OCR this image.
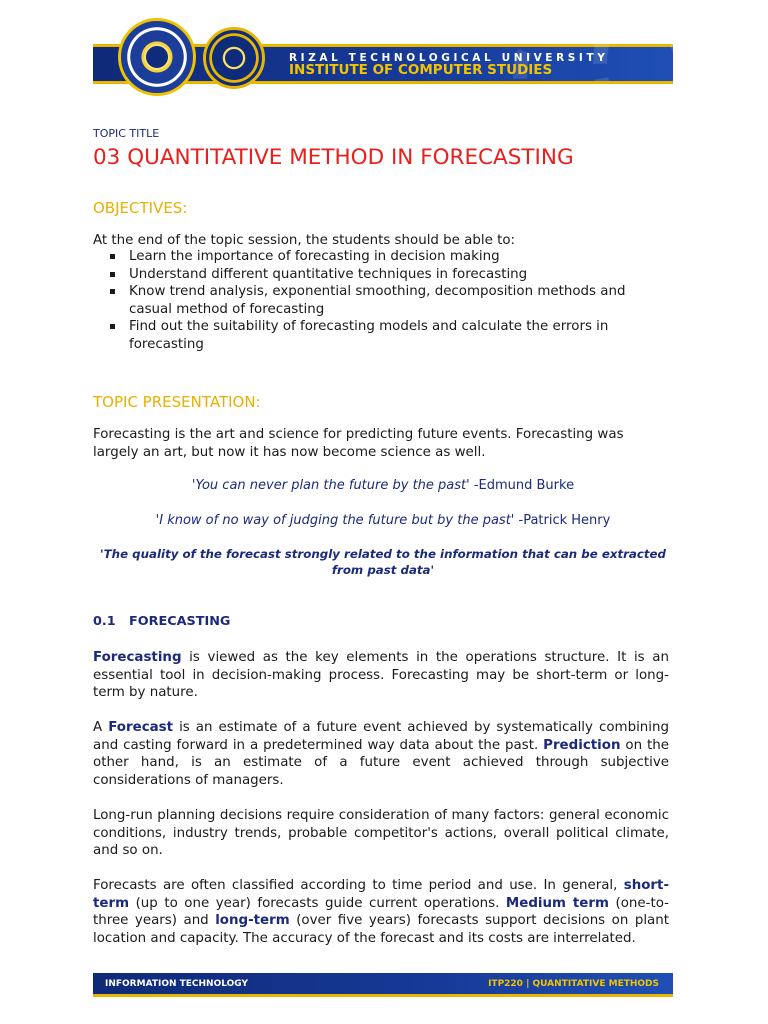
RIZAL TECHNOLOGICAL UNIVERSITY
INSTITUTE OF COMPUTER STUDIES
TOPIC TITLE
03 QUANTITATIVE METHOD IN FORECASTING
OBJECTIVES:
At the end of the topic session, the students should be able to:
Learn the importance of forecasting in decision making
Understand different quantitative techniques in forecasting
Know trend analysis, exponential smoothing, decomposition methods and casual method of forecasting
Find out the suitability of forecasting models and calculate the errors in forecasting
TOPIC PRESENTATION:
Forecasting is the art and science for predicting future events. Forecasting was largely an art, but now it has now become science as well.
'You can never plan the future by the past' -Edmund Burke
'I know of no way of judging the future but by the past' -Patrick Henry
'The quality of the forecast strongly related to the information that can be extracted from past data'
0.1 FORECASTING
Forecasting is viewed as the key elements in the operations structure. It is an essential tool in decision-making process. Forecasting may be short-term or long-term by nature.
A Forecast is an estimate of a future event achieved by systematically combining and casting forward in a predetermined way data about the past. Prediction on the other hand, is an estimate of a future event achieved through subjective considerations of managers.
Long-run planning decisions require consideration of many factors: general economic conditions, industry trends, probable competitor's actions, overall political climate, and so on.
Forecasts are often classified according to time period and use. In general, short-term (up to one year) forecasts guide current operations. Medium term (one-to-three years) and long-term (over five years) forecasts support decisions on plant location and capacity. The accuracy of the forecast and its costs are interrelated.
INFORMATION TECHNOLOGY	ITP220 | QUANTITATIVE METHODS
